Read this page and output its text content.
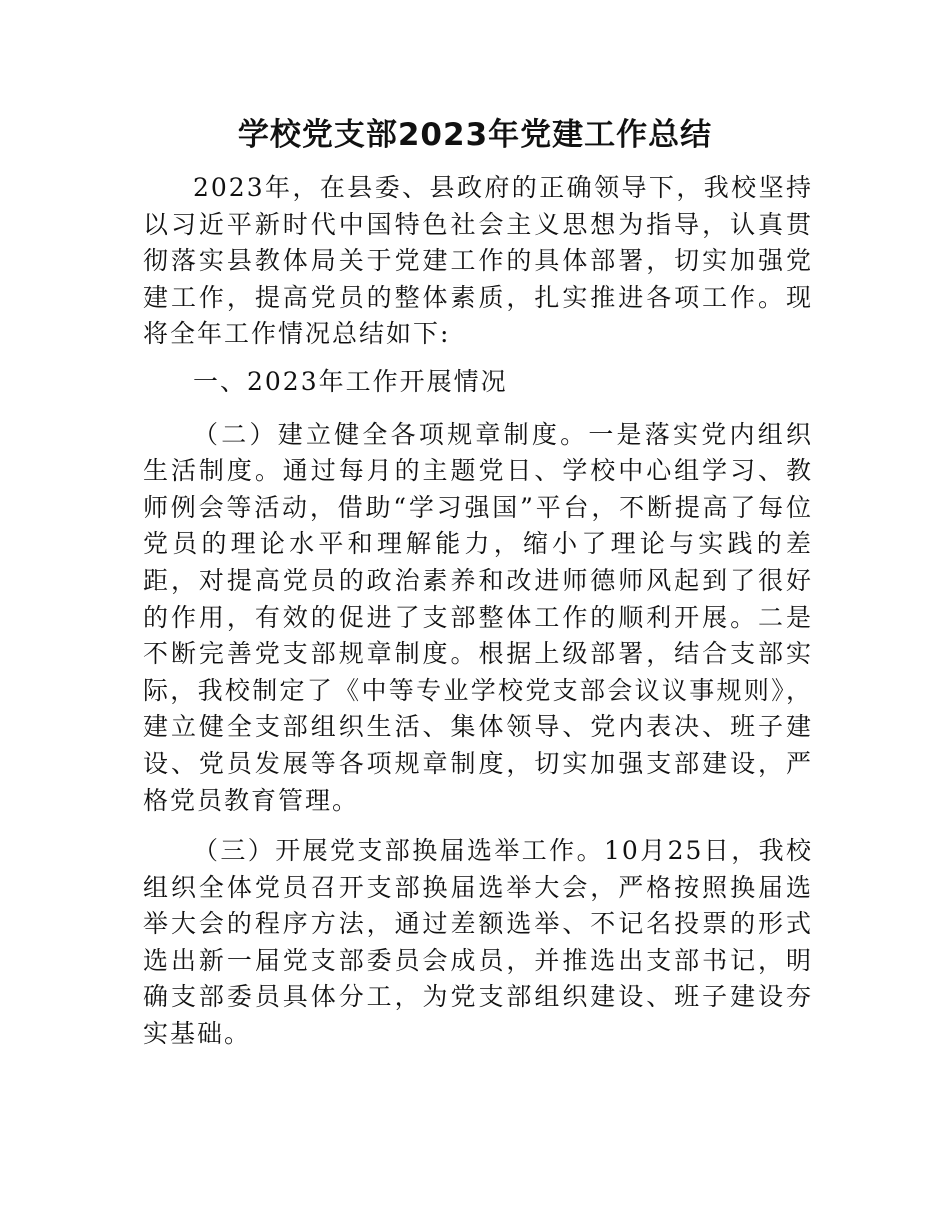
学校党支部2023年党建工作总结

2023年，在县委、县政府的正确领导下，我校坚持以习近平新时代中国特色社会主义思想为指导，认真贯彻落实县教体局关于党建工作的具体部署，切实加强党建工作，提高党员的整体素质，扎实推进各项工作。现将全年工作情况总结如下:

一、2023年工作开展情况

（二）建立健全各项规章制度。一是落实党内组织生活制度。通过每月的主题党日、学校中心组学习、教师例会等活动，借助“学习强国”平台，不断提高了每位党员的理论水平和理解能力，缩小了理论与实践的差距，对提高党员的政治素养和改进师德师风起到了很好的作用，有效的促进了支部整体工作的顺利开展。二是不断完善党支部规章制度。根据上级部署，结合支部实际，我校制定了《中等专业学校党支部会议议事规则》，建立健全支部组织生活、集体领导、党内表决、班子建设、党员发展等各项规章制度，切实加强支部建设，严格党员教育管理。

（三）开展党支部换届选举工作。10月25日，我校组织全体党员召开支部换届选举大会，严格按照换届选举大会的程序方法，通过差额选举、不记名投票的形式选出新一届党支部委员会成员，并推选出支部书记，明确支部委员具体分工，为党支部组织建设、班子建设夯实基础。
